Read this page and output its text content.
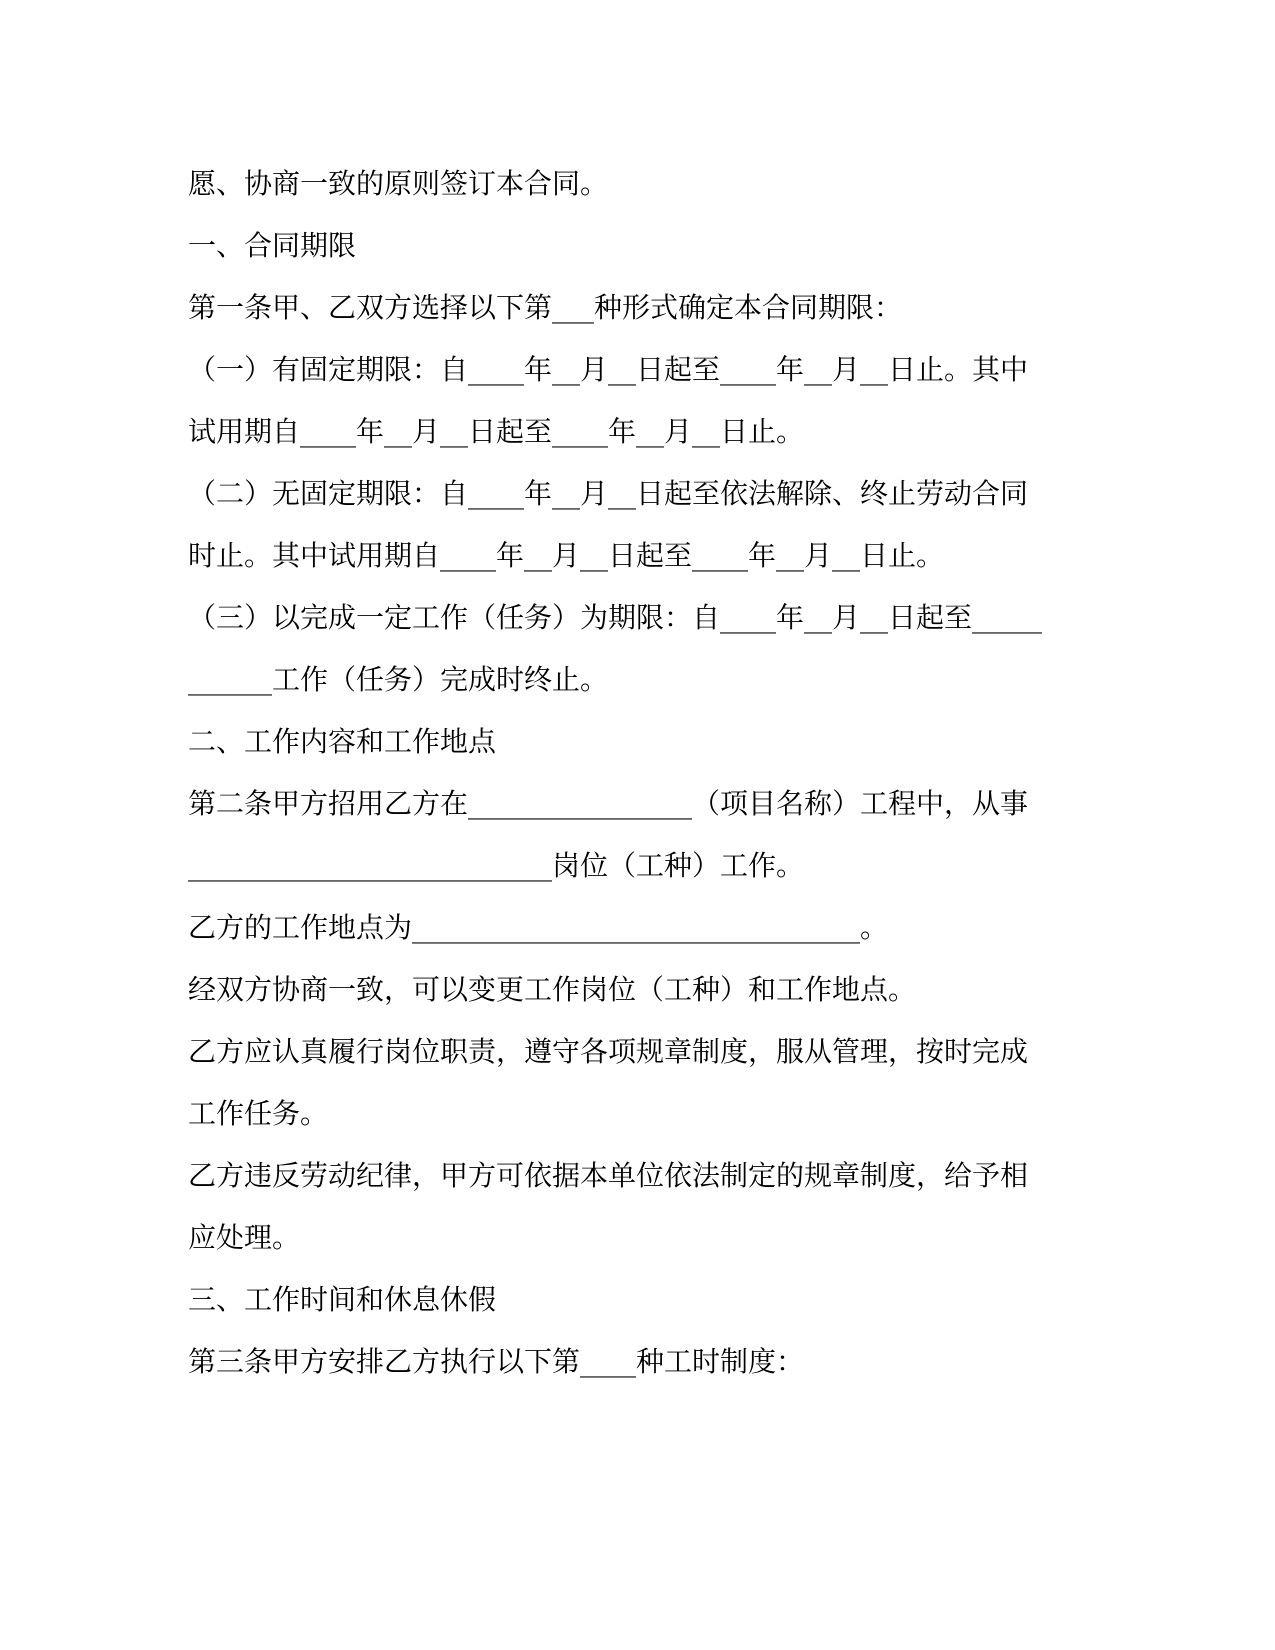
愿、协商一致的原则签订本合同。
一、合同期限
第一条甲、乙双方选择以下第___种形式确定本合同期限：
（一）有固定期限：自____年__月__日起至____年__月__日止。其中
试用期自____年__月__日起至____年__月__日止。
（二）无固定期限：自____年__月__日起至依法解除、终止劳动合同
时止。其中试用期自____年__月__日起至____年__月__日止。
（三）以完成一定工作（任务）为期限：自____年__月__日起至_____
______工作（任务）完成时终止。
二、工作内容和工作地点
第二条甲方招用乙方在________________（项目名称）工程中，从事
__________________________岗位（工种）工作。
乙方的工作地点为________________________________。
经双方协商一致，可以变更工作岗位（工种）和工作地点。
乙方应认真履行岗位职责，遵守各项规章制度，服从管理，按时完成
工作任务。
乙方违反劳动纪律，甲方可依据本单位依法制定的规章制度，给予相
应处理。
三、工作时间和休息休假
第三条甲方安排乙方执行以下第____种工时制度：
